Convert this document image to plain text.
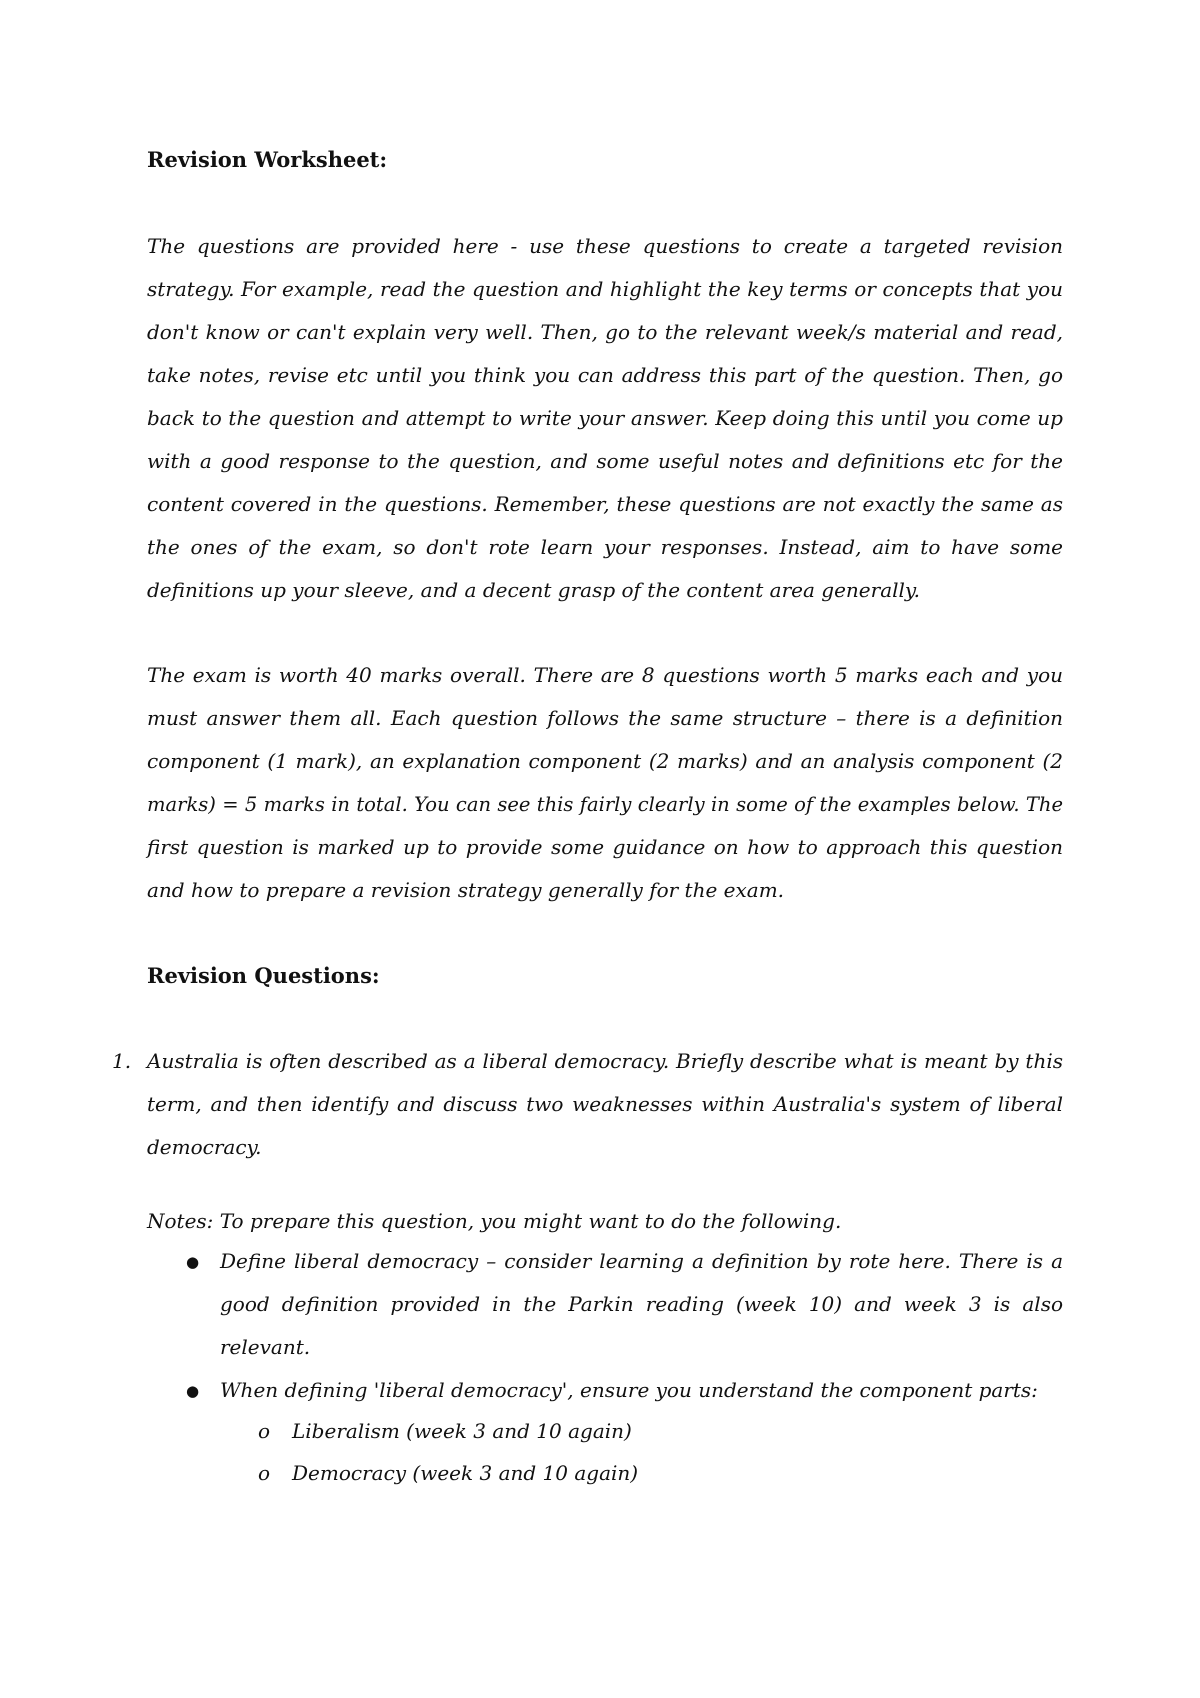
Revision Worksheet:

The questions are provided here - use these questions to create a targeted revision
strategy. For example, read the question and highlight the key terms or concepts that you
don't know or can't explain very well. Then, go to the relevant week/s material and read,
take notes, revise etc until you think you can address this part of the question. Then, go
back to the question and attempt to write your answer. Keep doing this until you come up
with a good response to the question, and some useful notes and definitions etc for the
content covered in the questions. Remember, these questions are not exactly the same as
the ones of the exam, so don't rote learn your responses. Instead, aim to have some
definitions up your sleeve, and a decent grasp of the content area generally.
The exam is worth 40 marks overall. There are 8 questions worth 5 marks each and you
must answer them all. Each question follows the same structure – there is a definition
component (1 mark), an explanation component (2 marks) and an analysis component (2
marks) = 5 marks in total. You can see this fairly clearly in some of the examples below. The
first question is marked up to provide some guidance on how to approach this question
and how to prepare a revision strategy generally for the exam.

Revision Questions:

1. Australia is often described as a liberal democracy. Briefly describe what is meant by this
term, and then identify and discuss two weaknesses within Australia's system of liberal
democracy.

Notes: To prepare this question, you might want to do the following.

● Define liberal democracy – consider learning a definition by rote here. There is a
good definition provided in the Parkin reading (week 10) and week 3 is also
relevant.
● When defining 'liberal democracy', ensure you understand the component parts:
o Liberalism (week 3 and 10 again)
o Democracy (week 3 and 10 again)
